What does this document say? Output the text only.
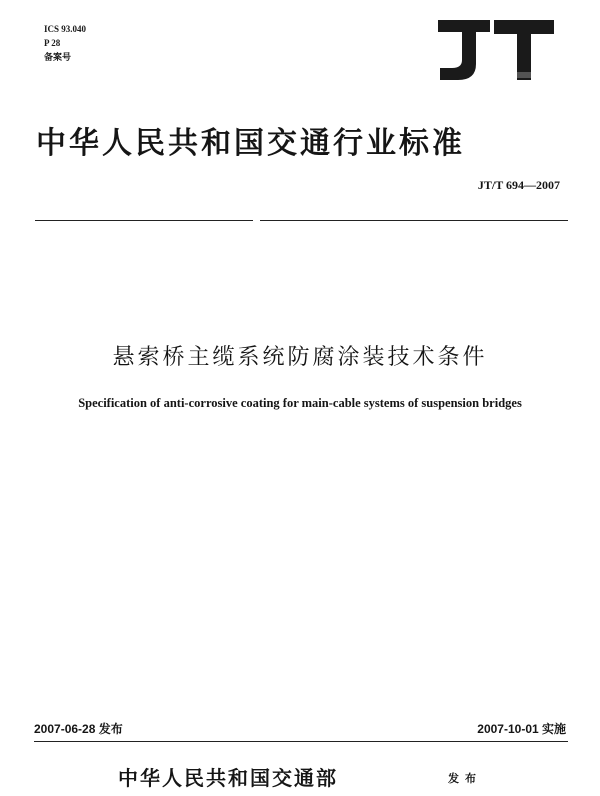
ICS 93.040
P 28
备案号
中华人民共和国交通行业标准
JT/T 694—2007
悬索桥主缆系统防腐涂装技术条件
Specification of anti-corrosive coating for main-cable systems of suspension bridges
2007-06-28 发布	2007-10-01 实施
中华人民共和国交通部	发布
